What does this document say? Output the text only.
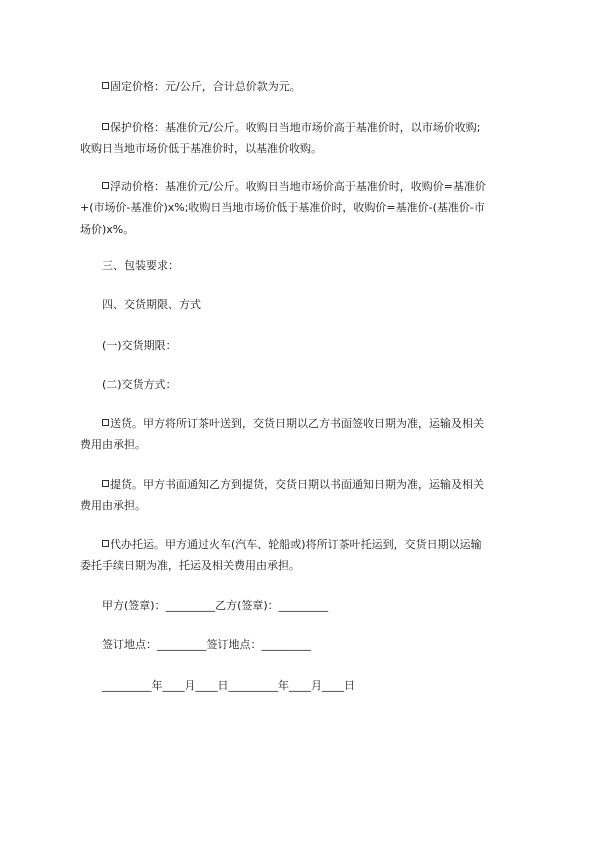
固定价格：元/公斤，合计总价款为元。

保护价格：基准价元/公斤。收购日当地市场价高于基准价时，以市场价收购;
收购日当地市场价低于基准价时，以基准价收购。

浮动价格：基准价元/公斤。收购日当地市场价高于基准价时，收购价=基准价
+(市场价-基准价)x%;收购日当地市场价低于基准价时，收购价=基准价-(基准价-市
场价)x%。

三、包装要求：

四、交货期限、方式

(一)交货期限：

(二)交货方式：

送货。甲方将所订茶叶送到，交货日期以乙方书面签收日期为准，运输及相关
费用由承担。

提货。甲方书面通知乙方到提货，交货日期以书面通知日期为准，运输及相关
费用由承担。

代办托运。甲方通过火车(汽车、轮船或)将所订茶叶托运到，交货日期以运输
委托手续日期为准，托运及相关费用由承担。

甲方(签章)：_________乙方(签章)：_________

签订地点：_________签订地点：_________

_________年____月____日_________年____月____日
